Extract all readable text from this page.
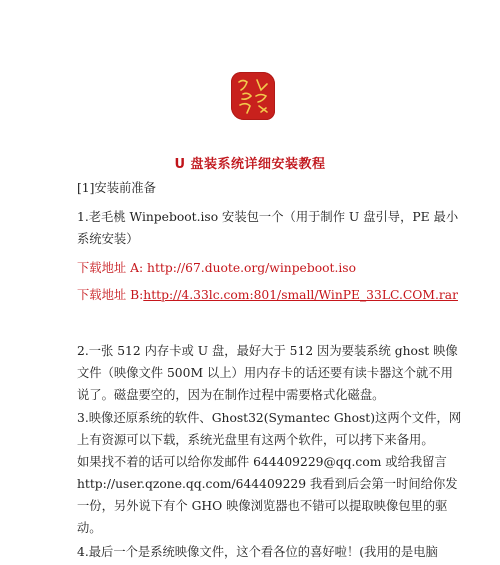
U 盘装系统详细安装教程
[1]安装前准备
1.老毛桃 Winpeboot.iso 安装包一个（用于制作 U 盘引导，PE 最小
系统安装）
下载地址 A: http://67.duote.org/winpeboot.iso
下载地址 B:http://4.33lc.com:801/small/WinPE_33LC.COM.rar
2.一张 512 内存卡或 U 盘，最好大于 512 因为要装系统 ghost 映像
文件（映像文件 500M 以上）用内存卡的话还要有读卡器这个就不用
说了。磁盘要空的，因为在制作过程中需要格式化磁盘。
3.映像还原系统的软件、Ghost32(Symantec Ghost)这两个文件，网
上有资源可以下载，系统光盘里有这两个软件，可以拷下来备用。
如果找不着的话可以给你发邮件 644409229@qq.com 或给我留言
http://user.qzone.qq.com/644409229 我看到后会第一时间给你发
一份，另外说下有个 GHO 映像浏览器也不错可以提取映像包里的驱
动。
4.最后一个是系统映像文件，这个看各位的喜好啦！(我用的是电脑
